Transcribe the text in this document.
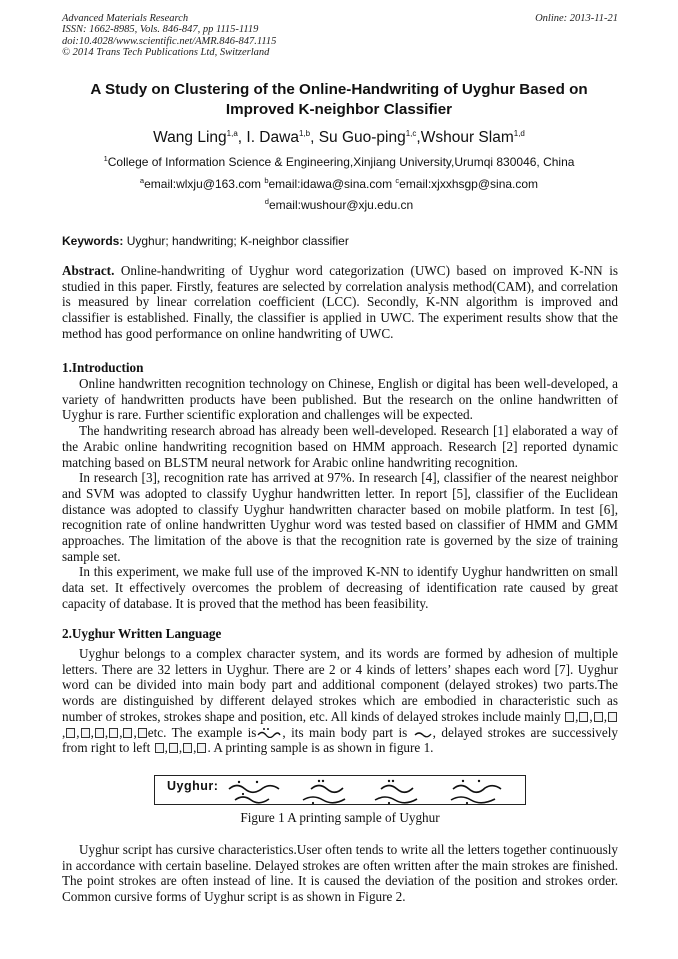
Advanced Materials Research
ISSN: 1662-8985, Vols. 846-847, pp 1115-1119
doi:10.4028/www.scientific.net/AMR.846-847.1115
© 2014 Trans Tech Publications Ltd, Switzerland
Online: 2013-11-21
A Study on Clustering of the Online-Handwriting of Uyghur Based on
Improved K-neighbor Classifier
Wang Ling$^{1,a}$, I. Dawa$^{1,b}$, Su Guo-ping$^{1,c}$,Wshour Slam$^{1,d}$
$^1$College of Information Science & Engineering,Xinjiang University,Urumqi 830046, China
$^a$email:wlxju@163.com $^b$email:idawa@sina.com $^c$email:xjxxhsgp@sina.com
$^d$email:wushour@xju.edu.cn
Keywords: Uyghur; handwriting; K-neighbor classifier
Abstract. Online-handwriting of Uyghur word categorization (UWC) based on improved K-NN is studied in this paper. Firstly, features are selected by correlation analysis method(CAM), and correlation is measured by linear correlation coefficient (LCC). Secondly, K-NN algorithm is improved and classifier is established. Finally, the classifier is applied in UWC. The experiment results show that the method has good performance on online handwriting of UWC.
1.Introduction

Online handwritten recognition technology on Chinese, English or digital has been well-developed, a variety of handwritten products have been published. But the research on the online handwritten of Uyghur is rare. Further scientific exploration and challenges will be expected.

The handwriting research abroad has already been well-developed. Research [1] elaborated a way of the Arabic online handwriting recognition based on HMM approach. Research [2] reported dynamic matching based on BLSTM neural network for Arabic online handwriting recognition.

In research [3], recognition rate has arrived at 97%. In research [4], classifier of the nearest neighbor and SVM was adopted to classify Uyghur handwritten letter. In report [5], classifier of the Euclidean distance was adopted to classify Uyghur handwritten character based on mobile platform. In test [6], recognition rate of online handwritten Uyghur word was tested based on classifier of HMM and GMM approaches. The limitation of the above is that the recognition rate is governed by the size of training sample set.

In this experiment, we make full use of the improved K-NN to identify Uyghur handwritten on small data set. It effectively overcomes the problem of decreasing of identification rate caused by great capacity of database. It is proved that the method has been feasibility.

2.Uyghur Written Language

Uyghur belongs to a complex character system, and its words are formed by adhesion of multiple letters. There are 32 letters in Uyghur. There are 2 or 4 kinds of letters’ shapes each word [7]. Uyghur word can be divided into main body part and additional component (delayed strokes) two parts.The words are distinguished by different delayed strokes which are embodied in characteristic such as number of strokes, strokes shape and position, etc. All kinds of delayed strokes include mainly , , ,, , , , , , etc. The example is , its main body part is , delayed strokes are successively from right to left , , , . A printing sample is as shown in figure 1.

Uyghur:
Figure 1 A printing sample of Uyghur

Uyghur script has cursive characteristics.User often tends to write all the letters together continuously in accordance with certain baseline. Delayed strokes are often written after the main strokes are finished. The point strokes are often instead of line. It is caused the deviation of the position and strokes order. Common cursive forms of Uyghur script is as shown in Figure 2.
